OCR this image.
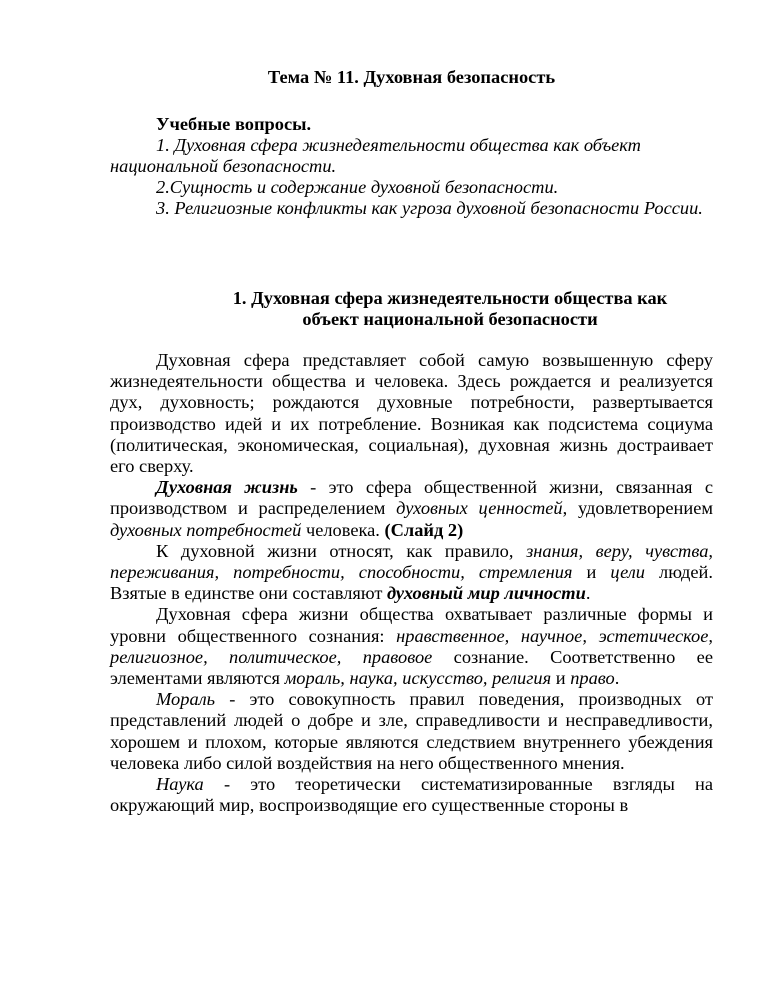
Тема № 11. Духовная безопасность
Учебные вопросы.
1. Духовная сфера жизнедеятельности общества как объект национальной безопасности.
2.Сущность и содержание духовной безопасности.
3. Религиозные конфликты как угроза духовной безопасности России.
1. Духовная сфера жизнедеятельности общества как
объект национальной безопасности

Духовная сфера представляет собой самую возвышенную сферу жизнедеятельности общества и человека. Здесь рождается и реализуется дух, духовность; рождаются духовные потребности, развертывается производство идей и их потребление. Возникая как подсистема социума (политическая, экономическая, социальная), духовная жизнь достраивает его сверху.

Духовная жизнь - это сфера общественной жизни, связанная с производством и распределением духовных ценностей, удовлетворением духовных потребностей человека. (Слайд 2)

К духовной жизни относят, как правило, знания, веру, чувства, переживания, потребности, способности, стремления и цели людей. Взятые в единстве они составляют духовный мир личности.

Духовная сфера жизни общества охватывает различные формы и уровни общественного сознания: нравственное, научное, эстетическое, религиозное, политическое, правовое сознание. Соответственно ее элементами являются мораль, наука, искусство, религия и право.

Мораль - это совокупность правил поведения, производных от представлений людей о добре и зле, справедливости и несправедливости, хорошем и плохом, которые являются следствием внутреннего убеждения человека либо силой воздействия на него общественного мнения.

Наука - это теоретически систематизированные взгляды на окружающий мир, воспроизводящие его существенные стороны в
